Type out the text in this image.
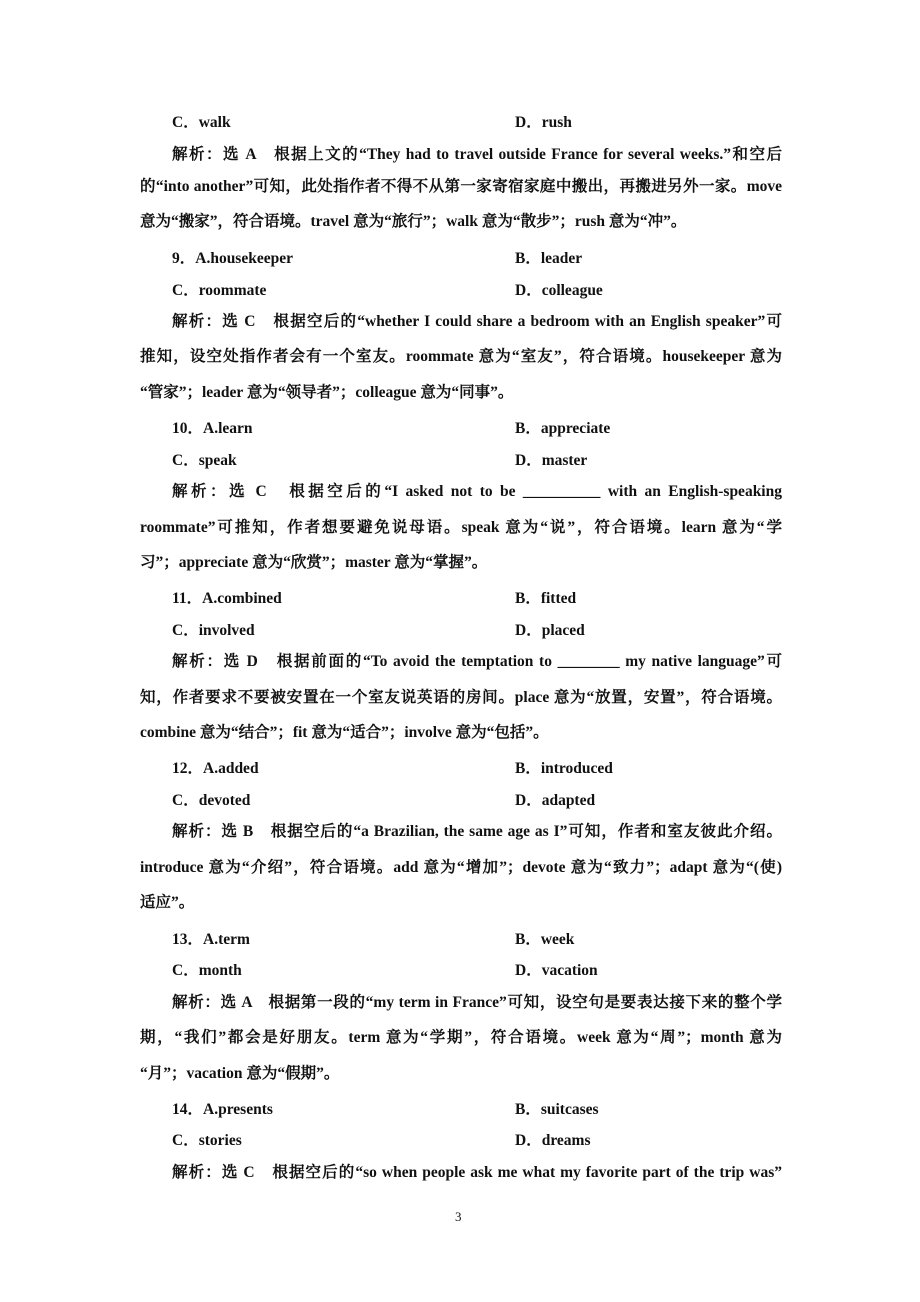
C．walk	D．rush
解析：选 A　根据上文的“They had to travel outside France for several weeks.”和空后
的“into another”可知，此处指作者不得不从第一家寄宿家庭中搬出，再搬进另外一家。move
意为“搬家”，符合语境。travel 意为“旅行”；walk 意为“散步”；rush 意为“冲”。
9．A.housekeeper	B．leader
C．roommate	D．colleague
解析：选 C　根据空后的“whether I could share a bedroom with an English speaker”可
推知，设空处指作者会有一个室友。roommate 意为“室友”，符合语境。housekeeper 意为
“管家”；leader 意为“领导者”；colleague 意为“同事”。
10．A.learn	B．appreciate
C．speak	D．master
解析：选 C　根据空后的“I asked not to be __________ with an English-speaking
roommate”可推知，作者想要避免说母语。speak 意为“说”，符合语境。learn 意为“学
习”；appreciate 意为“欣赏”；master 意为“掌握”。
11．A.combined	B．fitted
C．involved	D．placed
解析：选 D　根据前面的“To avoid the temptation to ________ my native language”可
知，作者要求不要被安置在一个室友说英语的房间。place 意为“放置，安置”，符合语境。
combine 意为“结合”；fit 意为“适合”；involve 意为“包括”。
12．A.added	B．introduced
C．devoted	D．adapted
解析：选 B　根据空后的“a Brazilian, the same age as I”可知，作者和室友彼此介绍。
introduce 意为“介绍”，符合语境。add 意为“增加”；devote 意为“致力”；adapt 意为“(使)
适应”。
13．A.term	B．week
C．month	D．vacation
解析：选 A　根据第一段的“my term in France”可知，设空句是要表达接下来的整个学
期，“我们”都会是好朋友。term 意为“学期”，符合语境。week 意为“周”；month 意为
“月”；vacation 意为“假期”。
14．A.presents	B．suitcases
C．stories	D．dreams
解析：选 C　根据空后的“so when people ask me what my favorite part of the trip was”
3
